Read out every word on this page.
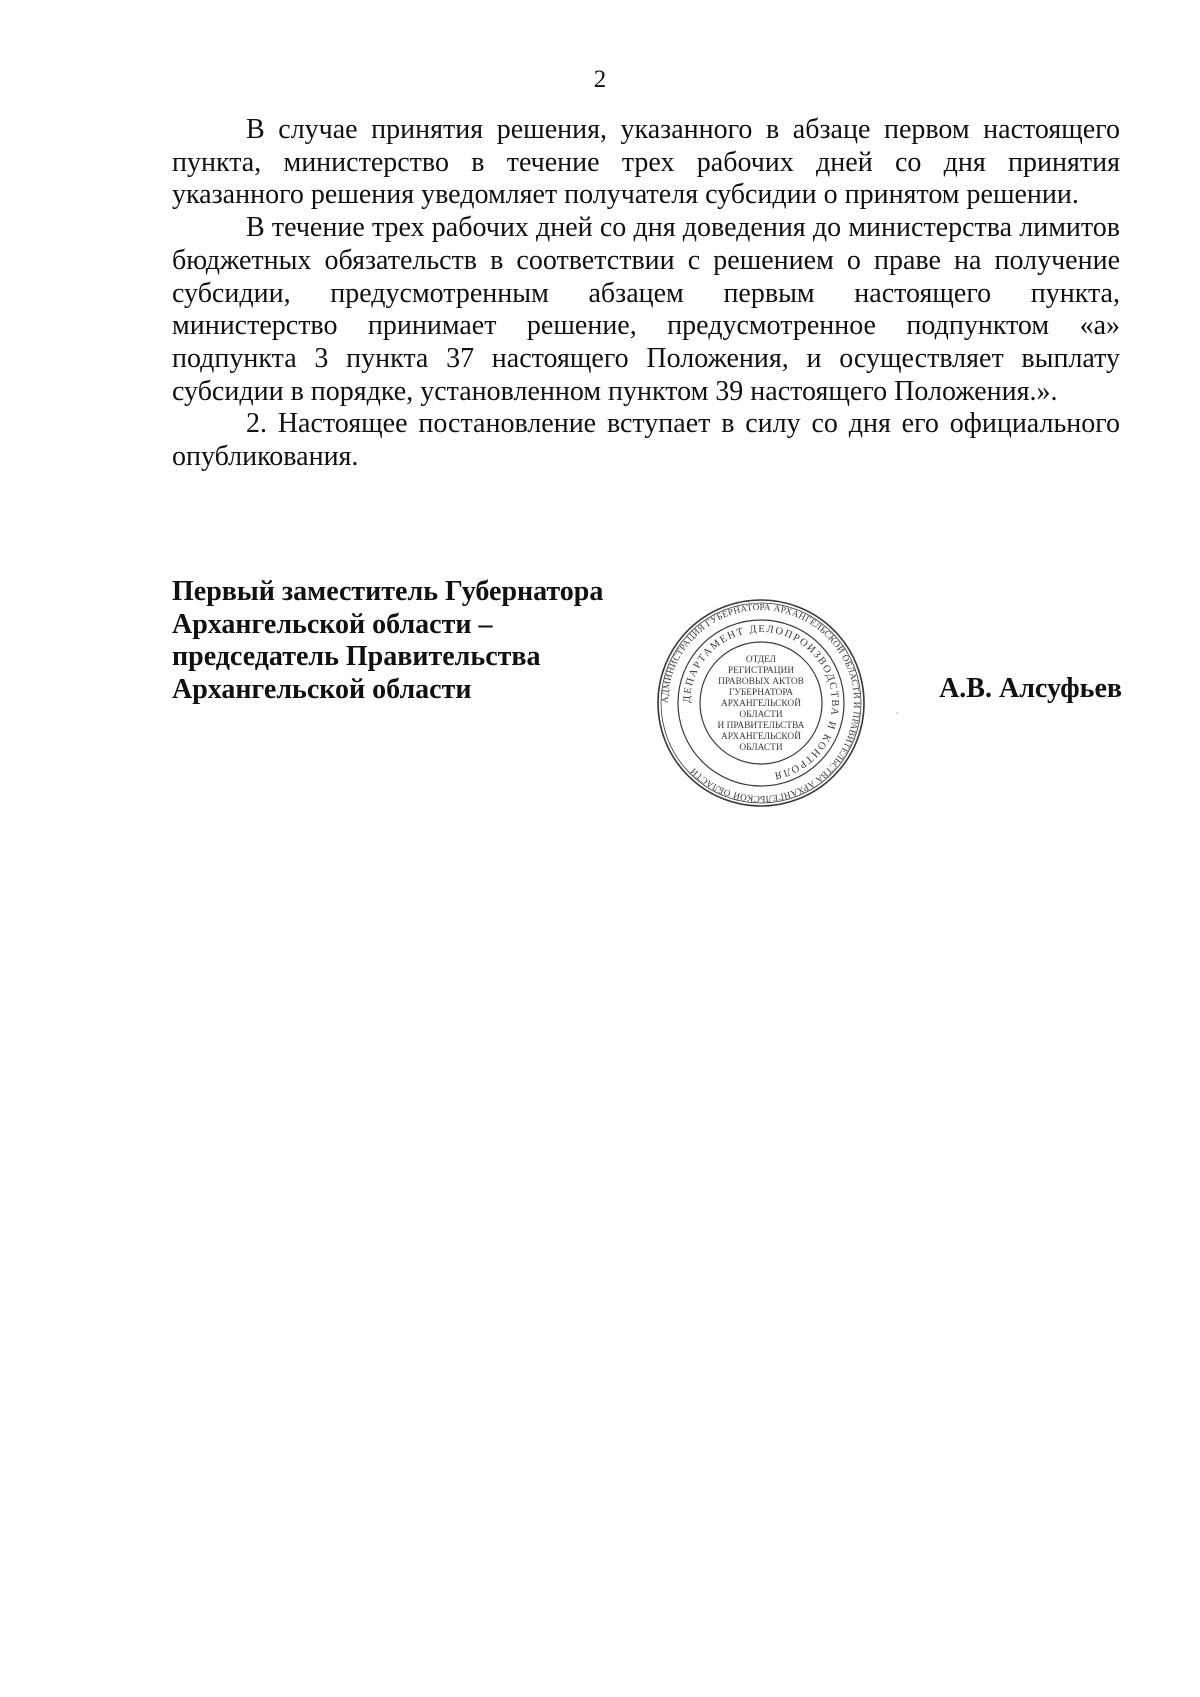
2

В случае принятия решения, указанного в абзаце первом настоящего пункта, министерство в течение трех рабочих дней со дня принятия указанного решения уведомляет получателя субсидии о принятом решении.

В течение трех рабочих дней со дня доведения до министерства лимитов бюджетных обязательств в соответствии с решением о праве на получение субсидии, предусмотренным абзацем первым настоящего пункта, министерство принимает решение, предусмотренное подпунктом «а» подпункта 3 пункта 37 настоящего Положения, и осуществляет выплату субсидии в порядке, установленном пунктом 39 настоящего Положения.».

2. Настоящее постановление вступает в силу со дня его официального опубликования.

Первый заместитель Губернатора
Архангельской области –
председатель Правительства
Архангельской области	АДМИНИСТРАЦИЯ ГУБЕРНАТОРА АРХАНГЕЛЬСКОЙ ОБЛАСТИ И ПРАВИТЕЛЬСТВА АРХАНГЕЛЬСКОЙ ОБЛАСТИ
ДЕПАРТАМЕНТ ДЕЛОПРОИЗВОДСТВА И КОНТРОЛЯ
ОТДЕЛ
РЕГИСТРАЦИИ
ПРАВОВЫХ АКТОВ
ГУБЕРНАТОРА
АРХАНГЕЛЬСКОЙ
ОБЛАСТИ
И ПРАВИТЕЛЬСТВА
АРХАНГЕЛЬСКОЙ
ОБЛАСТИ
А.В. Алсуфьев
